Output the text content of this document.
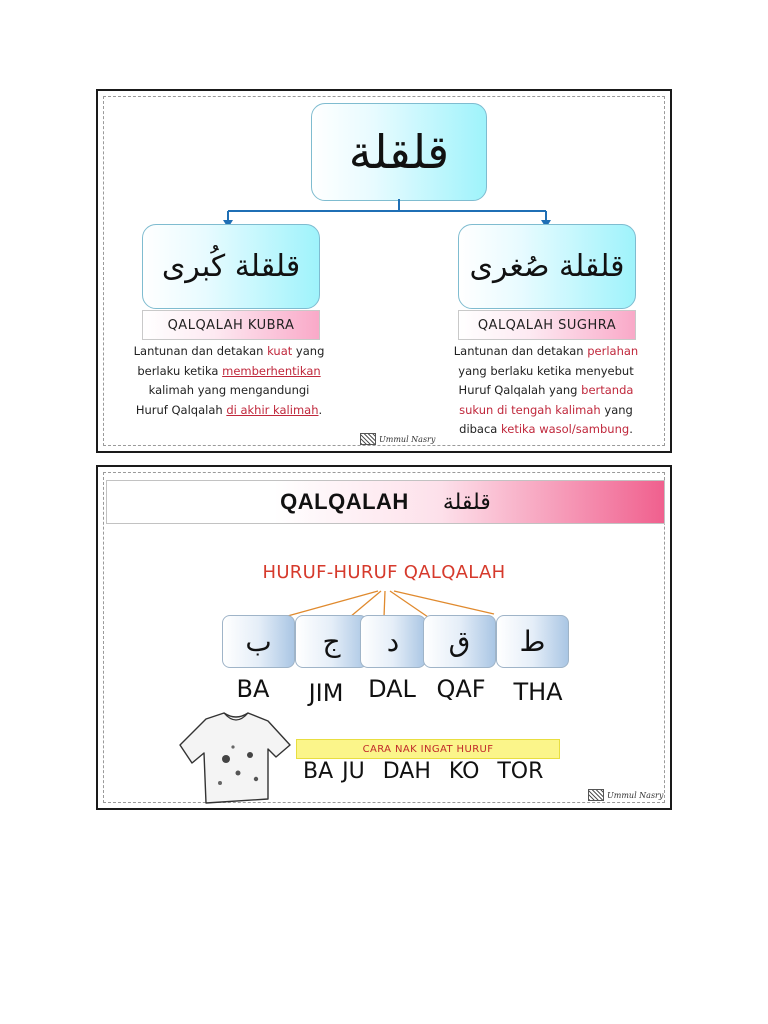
قلقلة
قلقلة كُبرى
QALQALAH KUBRA
Lantunan dan detakan kuat yang
berlaku ketika memberhentikan
kalimah yang mengandungi
Huruf Qalqalah di akhir kalimah.
قلقلة صُغرى
QALQALAH SUGHRA
Lantunan dan detakan perlahan
yang berlaku ketika menyebut
Huruf Qalqalah yang bertanda
sukun di tengah kalimah yang
dibaca ketika wasol/sambung.
Ummul Nasry
QALQALAH قلقلة
HURUF-HURUF QALQALAH
ب ج د ق ط
BA	JIM	DAL QAF	THA
CARA NAK INGAT HURUF
BA JU  DAH  KO  TOR
Ummul Nasry
